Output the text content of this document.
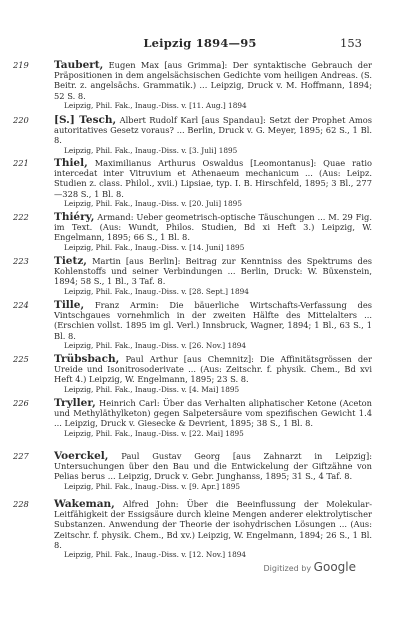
Leipzig 1894—95	153
219 Taubert, Eugen Max [aus Grimma]: Der syntaktische Gebrauch der Präpositionen in dem angelsächsischen Gedichte vom heiligen Andreas. (S. Beitr. z. angelsächs. Grammatik.) ... Leipzig, Druck v. M. Hoffmann, 1894; 52 S. 8.

Leipzig, Phil. Fak., Inaug.-Diss. v. [11. Aug.] 1894

220 [S.] Tesch, Albert Rudolf Karl [aus Spandau]: Setzt der Prophet Amos autoritatives Gesetz voraus? ... Berlin, Druck v. G. Meyer, 1895; 62 S., 1 Bl. 8.

Leipzig, Phil. Fak., Inaug.-Diss. v. [3. Juli] 1895

221 Thiel, Maximilianus Arthurus Oswaldus [Leomontanus]: Quae ratio intercedat inter Vitruvium et Athenaeum mechanicum ... (Aus: Leipz. Studien z. class. Philol., xvii.) Lipsiae, typ. I. B. Hirschfeld, 1895; 3 Bl., 277—328 S., 1 Bl. 8.

Leipzig, Phil. Fak., Inaug.-Diss. v. [20. Juli] 1895

222 Thiéry, Armand: Ueber geometrisch-optische Täuschungen ... M. 29 Fig. im Text. (Aus: Wundt, Philos. Studien, Bd xi Heft 3.) Leipzig, W. Engelmann, 1895; 66 S., 1 Bl. 8.

Leipzig, Phil. Fak., Inaug.-Diss. v. [14. Juni] 1895

223 Tietz, Martin [aus Berlin]: Beitrag zur Kenntniss des Spektrums des Kohlenstoffs und seiner Verbindungen ... Berlin, Druck: W. Büxenstein, 1894; 58 S., 1 Bl., 3 Taf. 8.

Leipzig, Phil. Fak., Inaug.-Diss. v. [28. Sept.] 1894

224 Tille, Franz Armin: Die bäuerliche Wirtschafts-Verfassung des Vintschgaues vornehmlich in der zweiten Hälfte des Mittelalters ... (Erschien vollst. 1895 im gl. Verl.) Innsbruck, Wagner, 1894; 1 Bl., 63 S., 1 Bl. 8.

Leipzig, Phil. Fak., Inaug.-Diss. v. [26. Nov.] 1894

225 Trübsbach, Paul Arthur [aus Chemnitz]: Die Affinitätsgrössen der Ureide und Isonitrosoderivate ... (Aus: Zeitschr. f. physik. Chem., Bd xvi Heft 4.) Leipzig, W. Engelmann, 1895; 23 S. 8.

Leipzig, Phil. Fak., Inaug.-Diss. v. [4. Mai] 1895

226 Tryller, Heinrich Carl: Über das Verhalten aliphatischer Ketone (Aceton und Methyläthylketon) gegen Salpetersäure vom spezifischen Gewicht 1.4 ... Leipzig, Druck v. Giesecke & Devrient, 1895; 38 S., 1 Bl. 8.

Leipzig, Phil. Fak., Inaug.-Diss. v. [22. Mai] 1895

227 Voerckel, Paul Gustav Georg [aus Zahnarzt in Leipzig]: Untersuchungen über den Bau und die Entwickelung der Giftzähne von Pelias berus ... Leipzig, Druck v. Gebr. Junghanss, 1895; 31 S., 4 Taf. 8.

Leipzig, Phil. Fak., Inaug.-Diss. v. [9. Apr.] 1895

228 Wakeman, Alfred John: Über die Beeinflussung der Molekular-Leitfähigkeit der Essigsäure durch kleine Mengen anderer elektrolytischer Substanzen. Anwendung der Theorie der isohydrischen Lösungen ... (Aus: Zeitschr. f. physik. Chem., Bd xv.) Leipzig, W. Engelmann, 1894; 26 S., 1 Bl. 8.

Leipzig, Phil. Fak., Inaug.-Diss. v. [12. Nov.] 1894

Digitized by Google
